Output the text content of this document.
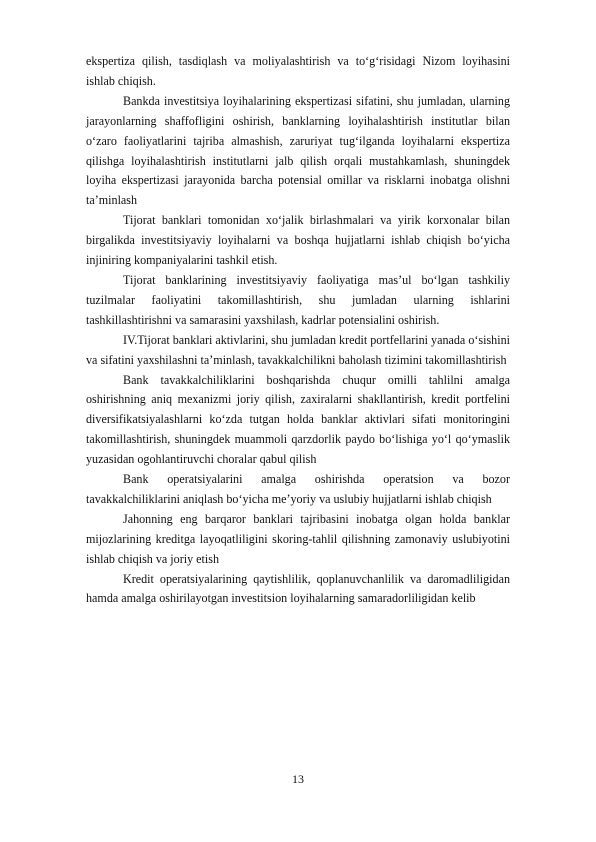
ekspertiza qilish, tasdiqlash va moliyalashtirish va to‘g‘risidagi Nizom loyihasini ishlab chiqish.

Bankda investitsiya loyihalarining ekspertizasi sifatini, shu jumladan, ularning jarayonlarning shaffofligini oshirish, banklarning loyihalashtirish institutlar bilan o‘zaro faoliyatlarini tajriba almashish, zaruriyat tug‘ilganda loyihalarni ekspertiza qilishga loyihalashtirish institutlarni jalb qilish orqali mustahkamlash, shuningdek loyiha ekspertizasi jarayonida barcha potensial omillar va risklarni inobatga olishni ta’minlash

Tijorat banklari tomonidan xo‘jalik birlashmalari va yirik korxonalar bilan birgalikda investitsiyaviy loyihalarni va boshqa hujjatlarni ishlab chiqish bo‘yicha injiniring kompaniyalarini tashkil etish.

Tijorat banklarining investitsiyaviy faoliyatiga mas’ul bo‘lgan tashkiliy tuzilmalar faoliyatini takomillashtirish, shu jumladan ularning ishlarini tashkillashtirishni va samarasini yaxshilash, kadrlar potensialini oshirish.

IV.Tijorat banklari aktivlarini, shu jumladan kredit portfellarini yanada o‘sishini va sifatini yaxshilashni ta’minlash, tavakkalchilikni baholash tizimini takomillashtirish

Bank tavakkalchiliklarini boshqarishda chuqur omilli tahlilni amalga oshirishning aniq mexanizmi joriy qilish, zaxiralarni shakllantirish, kredit portfelini diversifikatsiyalashlarni ko‘zda tutgan holda banklar aktivlari sifati monitoringini takomillashtirish, shuningdek muammoli qarzdorlik paydo bo‘lishiga yo‘l qo‘ymaslik yuzasidan ogohlantiruvchi choralar qabul qilish

Bank operatsiyalarini amalga oshirishda operatsion va bozor tavakkalchiliklarini aniqlash bo‘yicha me’yoriy va uslubiy hujjatlarni ishlab chiqish

Jahonning eng barqaror banklari tajribasini inobatga olgan holda banklar mijozlarining kreditga layoqatliligini skoring-tahlil qilishning zamonaviy uslubiyotini ishlab chiqish va joriy etish

Kredit operatsiyalarining qaytishlilik, qoplanuvchanlilik va daromadliligidan hamda amalga oshirilayotgan investitsion loyihalarning samaradorliligidan kelib

13
